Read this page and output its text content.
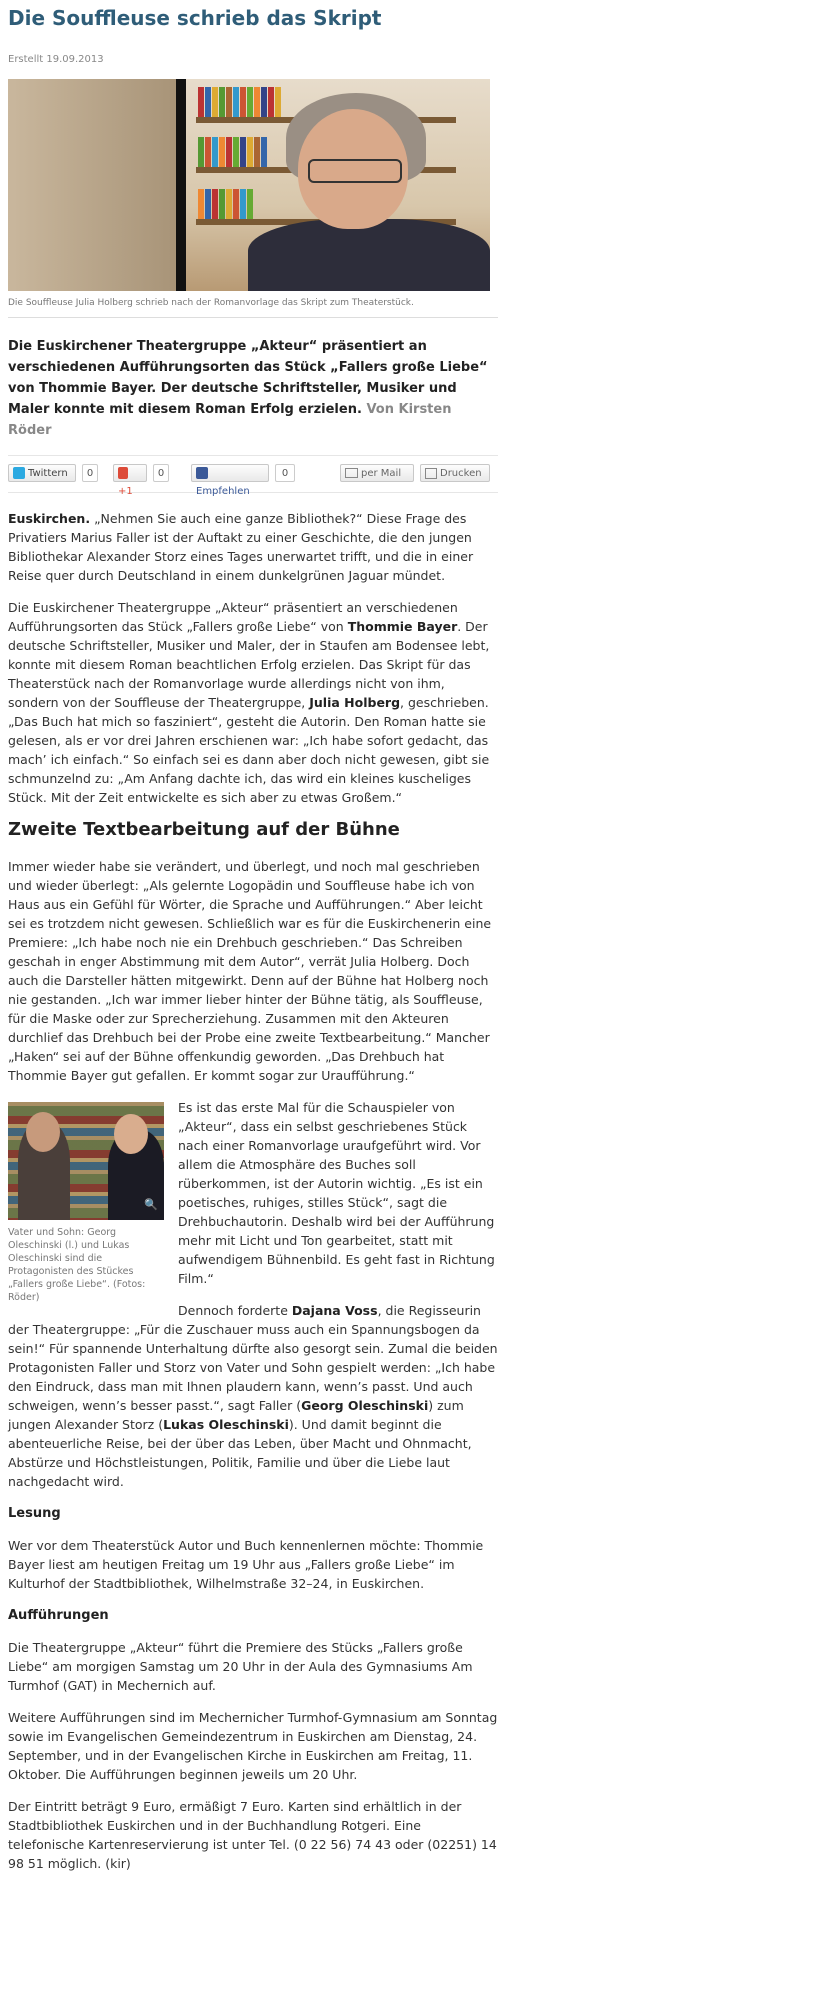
Die Souffleuse schrieb das Skript
Erstellt 19.09.2013
Die Souffleuse Julia Holberg schrieb nach der Romanvorlage das Skript zum Theaterstück.
Die Euskirchener Theatergruppe „Akteur“ präsentiert an verschiedenen Aufführungsorten das Stück „Fallers große Liebe“ von Thommie Bayer. Der deutsche Schriftsteller, Musiker und Maler konnte mit diesem Roman Erfolg erzielen. Von Kirsten Röder
Twittern	0
+1
0
Empfehlen
0	per Mail	Drucken

Euskirchen. „Nehmen Sie auch eine ganze Bibliothek?“ Diese Frage des Privatiers Marius Faller ist der Auftakt zu einer Geschichte, die den jungen Bibliothekar Alexander Storz eines Tages unerwartet trifft, und die in einer Reise quer durch Deutschland in einem dunkelgrünen Jaguar mündet.

Die Euskirchener Theatergruppe „Akteur“ präsentiert an verschiedenen Aufführungsorten das Stück „Fallers große Liebe“ von Thommie Bayer. Der deutsche Schriftsteller, Musiker und Maler, der in Staufen am Bodensee lebt, konnte mit diesem Roman beachtlichen Erfolg erzielen. Das Skript für das Theaterstück nach der Romanvorlage wurde allerdings nicht von ihm, sondern von der Souffleuse der Theatergruppe, Julia Holberg, geschrieben. „Das Buch hat mich so fasziniert“, gesteht die Autorin. Den Roman hatte sie gelesen, als er vor drei Jahren erschienen war: „Ich habe sofort gedacht, das mach’ ich einfach.“ So einfach sei es dann aber doch nicht gewesen, gibt sie schmunzelnd zu: „Am Anfang dachte ich, das wird ein kleines kuscheliges Stück. Mit der Zeit entwickelte es sich aber zu etwas Großem.“

Zweite Textbearbeitung auf der Bühne

Immer wieder habe sie verändert, und überlegt, und noch mal geschrieben und wieder überlegt: „Als gelernte Logopädin und Souffleuse habe ich von Haus aus ein Gefühl für Wörter, die Sprache und Aufführungen.“ Aber leicht sei es trotzdem nicht gewesen. Schließlich war es für die Euskirchenerin eine Premiere: „Ich habe noch nie ein Drehbuch geschrieben.“ Das Schreiben geschah in enger Abstimmung mit dem Autor“, verrät Julia Holberg. Doch auch die Darsteller hätten mitgewirkt. Denn auf der Bühne hat Holberg noch nie gestanden. „Ich war immer lieber hinter der Bühne tätig, als Souffleuse, für die Maske oder zur Sprecherziehung. Zusammen mit den Akteuren durchlief das Drehbuch bei der Probe eine zweite Textbearbeitung.“ Mancher „Haken“ sei auf der Bühne offenkundig geworden. „Das Drehbuch hat Thommie Bayer gut gefallen. Er kommt sogar zur Uraufführung.“

🔍
Vater und Sohn: Georg Oleschinski (l.) und Lukas Oleschinski sind die Protagonisten des Stückes „Fallers große Liebe“. (Fotos: Röder)

Es ist das erste Mal für die Schauspieler von „Akteur“, dass ein selbst geschriebenes Stück nach einer Romanvorlage uraufgeführt wird. Vor allem die Atmosphäre des Buches soll rüberkommen, ist der Autorin wichtig. „Es ist ein poetisches, ruhiges, stilles Stück“, sagt die Drehbuchautorin. Deshalb wird bei der Aufführung mehr mit Licht und Ton gearbeitet, statt mit aufwendigem Bühnenbild. Es geht fast in Richtung Film.“

Dennoch forderte Dajana Voss, die Regisseurin der Theatergruppe: „Für die Zuschauer muss auch ein Spannungsbogen da sein!“ Für spannende Unterhaltung dürfte also gesorgt sein. Zumal die beiden Protagonisten Faller und Storz von Vater und Sohn gespielt werden: „Ich habe den Eindruck, dass man mit Ihnen plaudern kann, wenn’s passt. Und auch schweigen, wenn’s besser passt.“, sagt Faller (Georg Oleschinski) zum jungen Alexander Storz (Lukas Oleschinski). Und damit beginnt die abenteuerliche Reise, bei der über das Leben, über Macht und Ohnmacht, Abstürze und Höchstleistungen, Politik, Familie und über die Liebe laut nachgedacht wird.

Lesung

Wer vor dem Theaterstück Autor und Buch kennenlernen möchte: Thommie Bayer liest am heutigen Freitag um 19 Uhr aus „Fallers große Liebe“ im Kulturhof der Stadtbibliothek, Wilhelmstraße 32–24, in Euskirchen.

Aufführungen

Die Theatergruppe „Akteur“ führt die Premiere des Stücks „Fallers große Liebe“ am morgigen Samstag um 20 Uhr in der Aula des Gymnasiums Am Turmhof (GAT) in Mechernich auf.

Weitere Aufführungen sind im Mechernicher Turmhof-Gymnasium am Sonntag sowie im Evangelischen Gemeindezentrum in Euskirchen am Dienstag, 24. September, und in der Evangelischen Kirche in Euskirchen am Freitag, 11. Oktober. Die Aufführungen beginnen jeweils um 20 Uhr.

Der Eintritt beträgt 9 Euro, ermäßigt 7 Euro. Karten sind erhältlich in der Stadtbibliothek Euskirchen und in der Buchhandlung Rotgeri. Eine telefonische Kartenreservierung ist unter Tel. (0 22 56) 74 43 oder (02251) 14 98 51 möglich. (kir)
